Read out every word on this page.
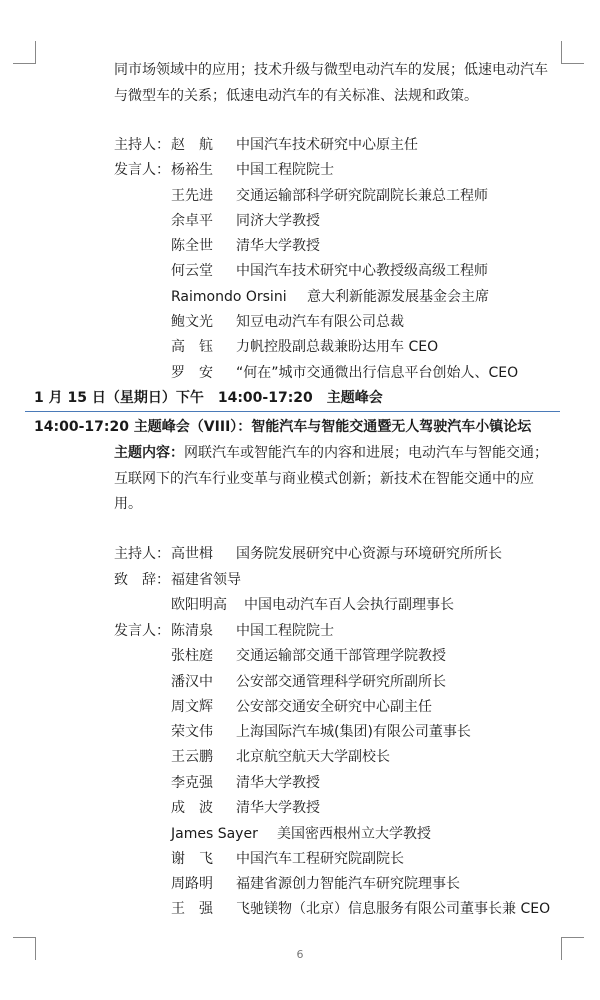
同市场领域中的应用；技术升级与微型电动汽车的发展；低速电动汽车
与微型车的关系；低速电动汽车的有关标准、法规和政策。
主持人： 赵　航 中国汽车技术研究中心原主任
发言人： 杨裕生 中国工程院院士
王先进 交通运输部科学研究院副院长兼总工程师
余卓平 同济大学教授
陈全世 清华大学教授
何云堂 中国汽车技术研究中心教授级高级工程师
Raimondo Orsini 意大利新能源发展基金会主席
鲍文光 知豆电动汽车有限公司总裁
高　钰 力帆控股副总裁兼盼达用车 CEO
罗　安 “何在”城市交通微出行信息平台创始人、CEO
1 月 15 日（星期日）下午　14:00-17:20　主题峰会
14:00-17:20 主题峰会（VIII）：智能汽车与智能交通暨无人驾驶汽车小镇论坛
主题内容：网联汽车或智能汽车的内容和进展；电动汽车与智能交通；
互联网下的汽车行业变革与商业模式创新；新技术在智能交通中的应
用。
主持人： 高世楫 国务院发展研究中心资源与环境研究所所长
致　辞： 福建省领导
欧阳明高 中国电动汽车百人会执行副理事长
发言人： 陈清泉 中国工程院院士
张柱庭 交通运输部交通干部管理学院教授
潘汉中 公安部交通管理科学研究所副所长
周文辉 公安部交通安全研究中心副主任
荣文伟 上海国际汽车城(集团)有限公司董事长
王云鹏 北京航空航天大学副校长
李克强 清华大学教授
成　波 清华大学教授
James Sayer 美国密西根州立大学教授
谢　飞 中国汽车工程研究院副院长
周路明 福建省源创力智能汽车研究院理事长
王　强 飞驰镁物（北京）信息服务有限公司董事长兼 CEO
6
